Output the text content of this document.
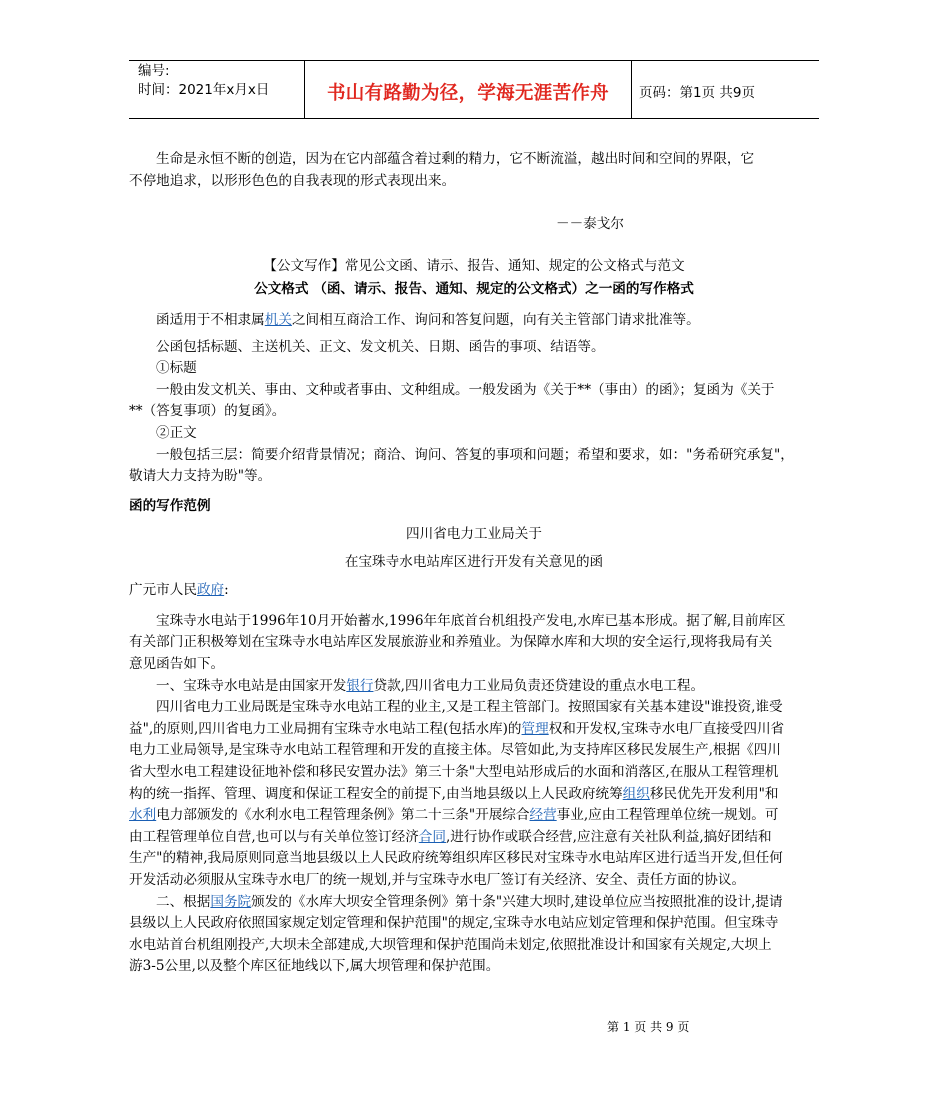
编号:
时间：2021年x月x日	书山有路勤为径，学海无涯苦作舟	页码：第1页 共9页
生命是永恒不断的创造，因为在它内部蕴含着过剩的精力，它不断流溢，越出时间和空间的界限，它
不停地追求，以形形色色的自我表现的形式表现出来。
－－泰戈尔
【公文写作】常见公文函、请示、报告、通知、规定的公文格式与范文
公文格式 （函、请示、报告、通知、规定的公文格式）之一函的写作格式
函适用于不相隶属机关之间相互商洽工作、询问和答复问题，向有关主管部门请求批准等。
公函包括标题、主送机关、正文、发文机关、日期、函告的事项、结语等。
①标题
一般由发文机关、事由、文种或者事由、文种组成。一般发函为《关于**（事由）的函》；复函为《关于
**（答复事项）的复函》。
②正文
一般包括三层：简要介绍背景情况；商洽、询问、答复的事项和问题；希望和要求，如："务希研究承复"，
敬请大力支持为盼"等。
函的写作范例
四川省电力工业局关于
在宝珠寺水电站库区进行开发有关意见的函
广元市人民政府:
宝珠寺水电站于1996年10月开始蓄水,1996年年底首台机组投产发电,水库已基本形成。据了解,目前库区
有关部门正积极筹划在宝珠寺水电站库区发展旅游业和养殖业。为保障水库和大坝的安全运行,现将我局有关
意见函告如下。
一、宝珠寺水电站是由国家开发银行贷款,四川省电力工业局负责还贷建设的重点水电工程。
四川省电力工业局既是宝珠寺水电站工程的业主,又是工程主管部门。按照国家有关基本建设"谁投资,谁受
益",的原则,四川省电力工业局拥有宝珠寺水电站工程(包括水库)的管理权和开发权,宝珠寺水电厂直接受四川省
电力工业局领导,是宝珠寺水电站工程管理和开发的直接主体。尽管如此,为支持库区移民发展生产,根据《四川
省大型水电工程建设征地补偿和移民安置办法》第三十条"大型电站形成后的水面和消落区,在服从工程管理机
构的统一指挥、管理、调度和保证工程安全的前提下,由当地县级以上人民政府统筹组织移民优先开发利用"和
水利电力部颁发的《水利水电工程管理条例》第二十三条"开展综合经营事业,应由工程管理单位统一规划。可
由工程管理单位自营,也可以与有关单位签订经济合同,进行协作或联合经营,应注意有关社队利益,搞好团结和
生产"的精神,我局原则同意当地县级以上人民政府统筹组织库区移民对宝珠寺水电站库区进行适当开发,但任何
开发活动必须服从宝珠寺水电厂的统一规划,并与宝珠寺水电厂签订有关经济、安全、责任方面的协议。
二、根据国务院颁发的《水库大坝安全管理条例》第十条"兴建大坝时,建设单位应当按照批准的设计,提请
县级以上人民政府依照国家规定划定管理和保护范围"的规定,宝珠寺水电站应划定管理和保护范围。但宝珠寺
水电站首台机组刚投产,大坝未全部建成,大坝管理和保护范围尚未划定,依照批准设计和国家有关规定,大坝上
游3-5公里,以及整个库区征地线以下,属大坝管理和保护范围。
第 1 页 共 9 页
